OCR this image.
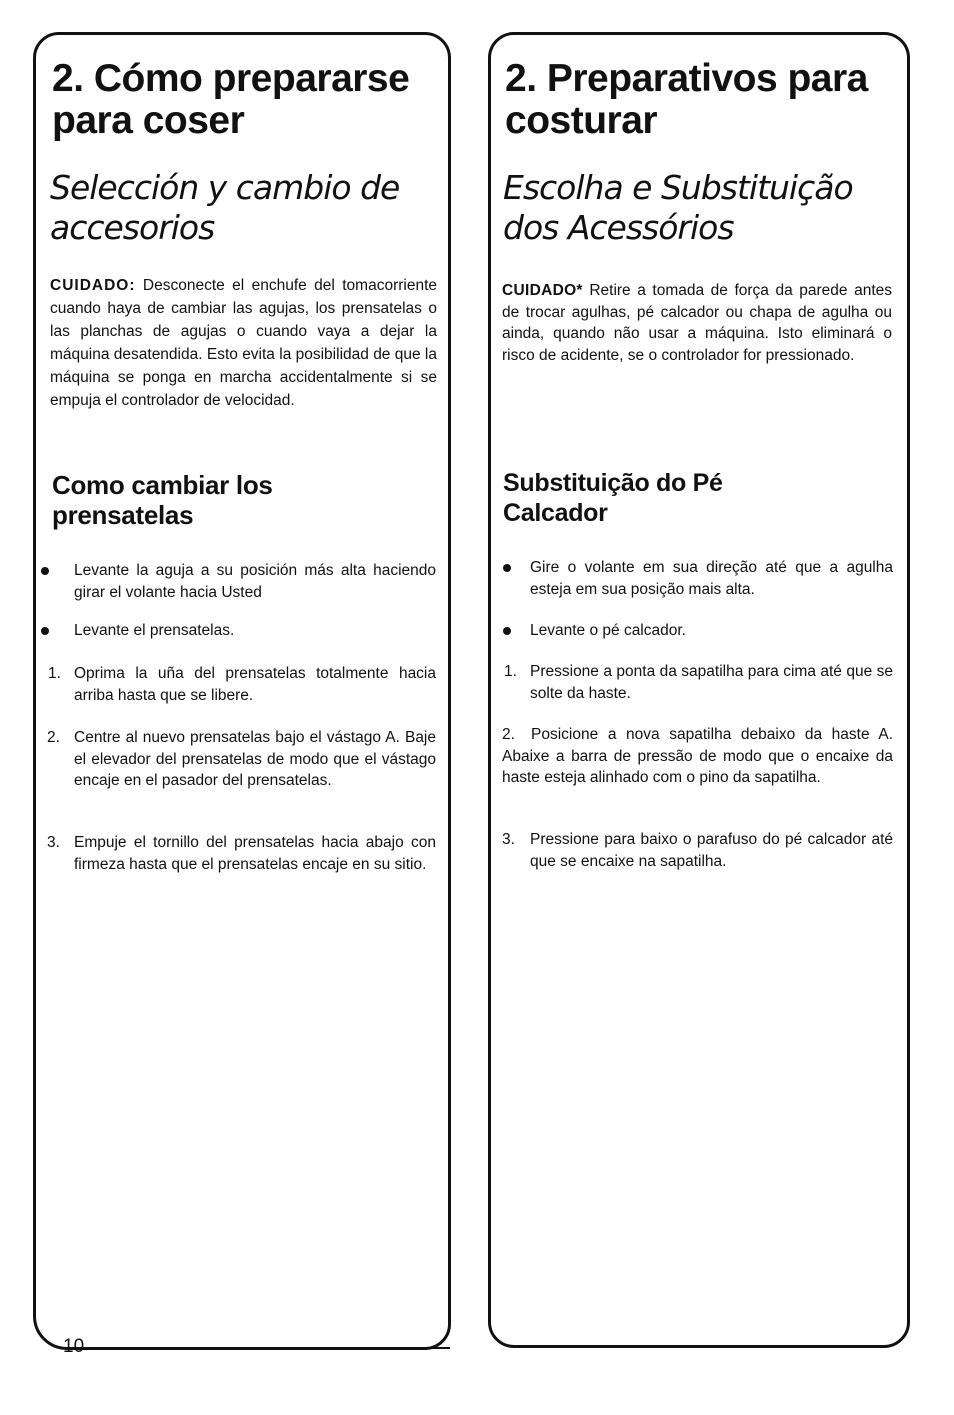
2. Cómo prepararse para coser
Selección y cambio de accesorios

CUIDADO: Desconecte el enchufe del tomacorriente cuando haya de cambiar las agujas, los prensatelas o las planchas de agujas o cuando vaya a dejar la máquina desatendida. Esto evita la posibilidad de que la máquina se ponga en marcha accidentalmente si se empuja el controlador de velocidad.

Como cambiar los prensatelas
Levante la aguja a su posición más alta haciendo girar el volante hacia Usted
Levante el prensatelas.
1. Oprima la uña del prensatelas totalmente hacia arriba hasta que se libere.
2. Centre al nuevo prensatelas bajo el vástago A. Baje el elevador del prensatelas de modo que el vástago encaje en el pasador del prensatelas.
3. Empuje el tornillo del prensatelas hacia abajo con firmeza hasta que el prensatelas encaje en su sitio.
2. Preparativos para costurar
Escolha e Substituição dos Acessórios

CUIDADO* Retire a tomada de força da parede antes de trocar agulhas, pé calcador ou chapa de agulha ou ainda, quando não usar a máquina. Isto eliminará o risco de acidente, se o controlador for pressionado.

Substituição do Pé Calcador
Gire o volante em sua direção até que a agulha esteja em sua posição mais alta.
Levante o pé calcador.
1. Pressione a ponta da sapatilha para cima até que se solte da haste.
2. Posicione a nova sapatilha debaixo da haste A. Abaixe a barra de pressão de modo que o encaixe da haste esteja alinhado com o pino da sapatilha.
3. Pressione para baixo o parafuso do pé calcador até que se encaixe na sapatilha.

10
